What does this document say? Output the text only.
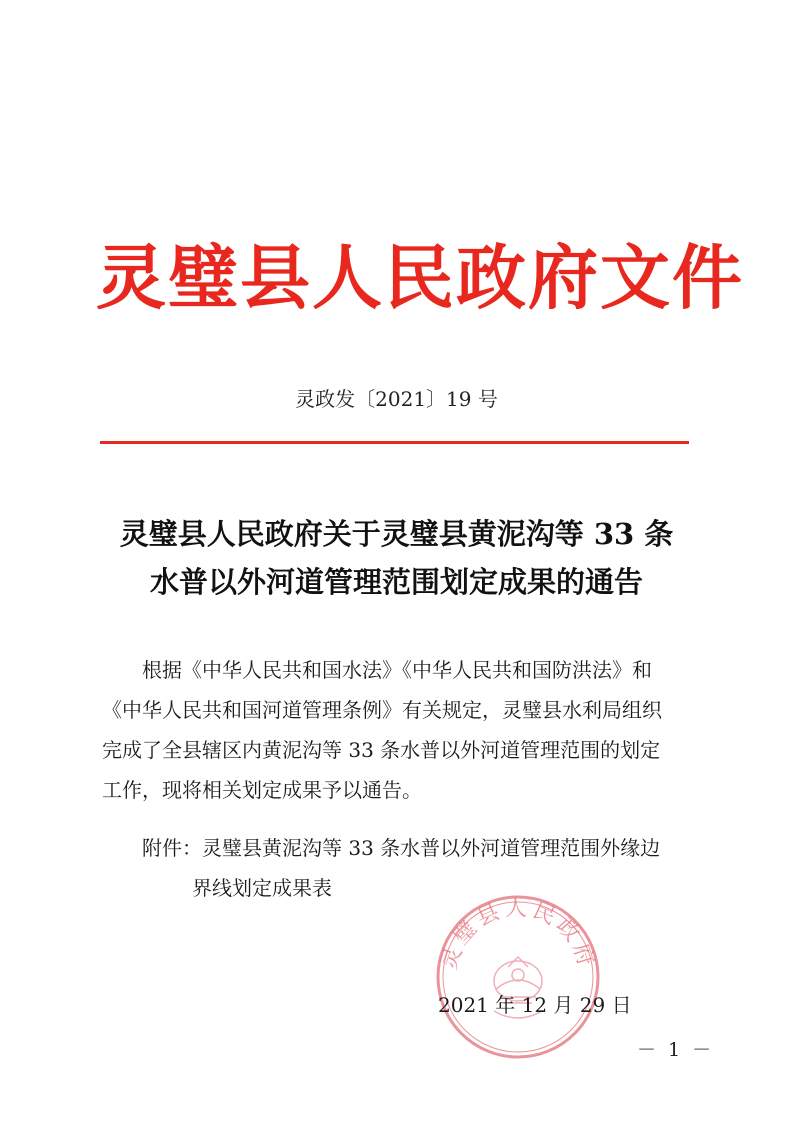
灵璧县人民政府文件
灵政发〔2021〕19 号
灵璧县人民政府关于灵璧县黄泥沟等 33 条
水普以外河道管理范围划定成果的通告
根据《中华人民共和国水法》《中华人民共和国防洪法》和
《中华人民共和国河道管理条例》有关规定，灵璧县水利局组织
完成了全县辖区内黄泥沟等 33 条水普以外河道管理范围的划定
工作，现将相关划定成果予以通告。
附件：灵璧县黄泥沟等 33 条水普以外河道管理范围外缘边
界线划定成果表
灵璧县人民政府
2021 年 12 月 29 日
－ 1 －
